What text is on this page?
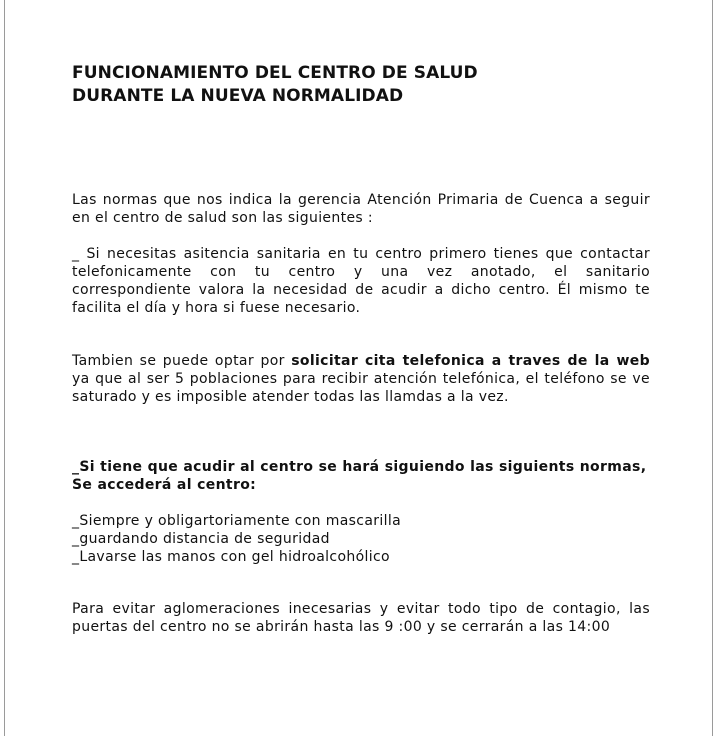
FUNCIONAMIENTO DEL CENTRO DE SALUD
DURANTE LA NUEVA NORMALIDAD

Las normas que nos indica la gerencia Atención Primaria de Cuenca a seguir en el centro de salud son las siguientes :

_ Si necesitas asitencia sanitaria en tu centro primero tienes que contactar telefonicamente con tu centro y una vez anotado, el sanitario correspondiente valora la necesidad de acudir a dicho centro. Él mismo te facilita el día y hora si fuese necesario.

Tambien se puede optar por solicitar cita telefonica a traves de la web ya que al ser 5 poblaciones para recibir atención telefónica, el teléfono se ve saturado y es imposible atender todas las llamdas a la vez.

_Si tiene que acudir al centro se hará siguiendo las siguients normas, Se accederá al centro:

_Siempre y obligartoriamente con mascarilla

_guardando distancia de seguridad

_Lavarse las manos con gel hidroalcohólico

Para evitar aglomeraciones inecesarias y evitar todo tipo de contagio, las puertas del centro no se abrirán hasta las 9 :00 y se cerrarán a las 14:00
